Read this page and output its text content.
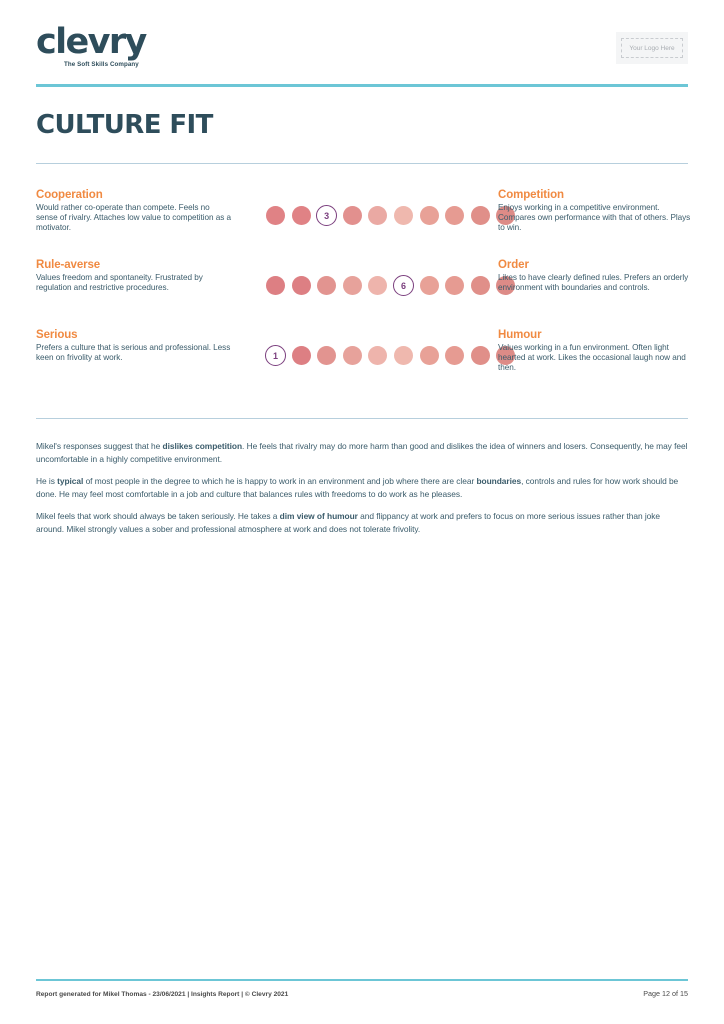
clevry
The Soft Skills Company
Your Logo Here
CULTURE FIT
Cooperation
Would rather co-operate than compete. Feels no sense of rivalry. Attaches low value to competition as a motivator.
3
Competition
Enjoys working in a competitive environment. Compares own performance with that of others. Plays to win.
Rule-averse
Values freedom and spontaneity. Frustrated by regulation and restrictive procedures.	6
Order
Likes to have clearly defined rules. Prefers an orderly environment with boundaries and controls.
Serious
Prefers a culture that is serious and professional. Less keen on frivolity at work.	1
Humour
Values working in a fun environment. Often light hearted at work. Likes the occasional laugh now and then.

Mikel's responses suggest that he dislikes competition. He feels that rivalry may do more harm than good and dislikes the idea of winners and losers. Consequently, he may feel uncomfortable in a highly competitive environment.

He is typical of most people in the degree to which he is happy to work in an environment and job where there are clear boundaries, controls and rules for how work should be done. He may feel most comfortable in a job and culture that balances rules with freedoms to do work as he pleases.

Mikel feels that work should always be taken seriously. He takes a dim view of humour and flippancy at work and prefers to focus on more serious issues rather than joke around. Mikel strongly values a sober and professional atmosphere at work and does not tolerate frivolity.

Report generated for Mikel Thomas - 23/06/2021 | Insights Report | © Clevry 2021	Page 12 of 15
